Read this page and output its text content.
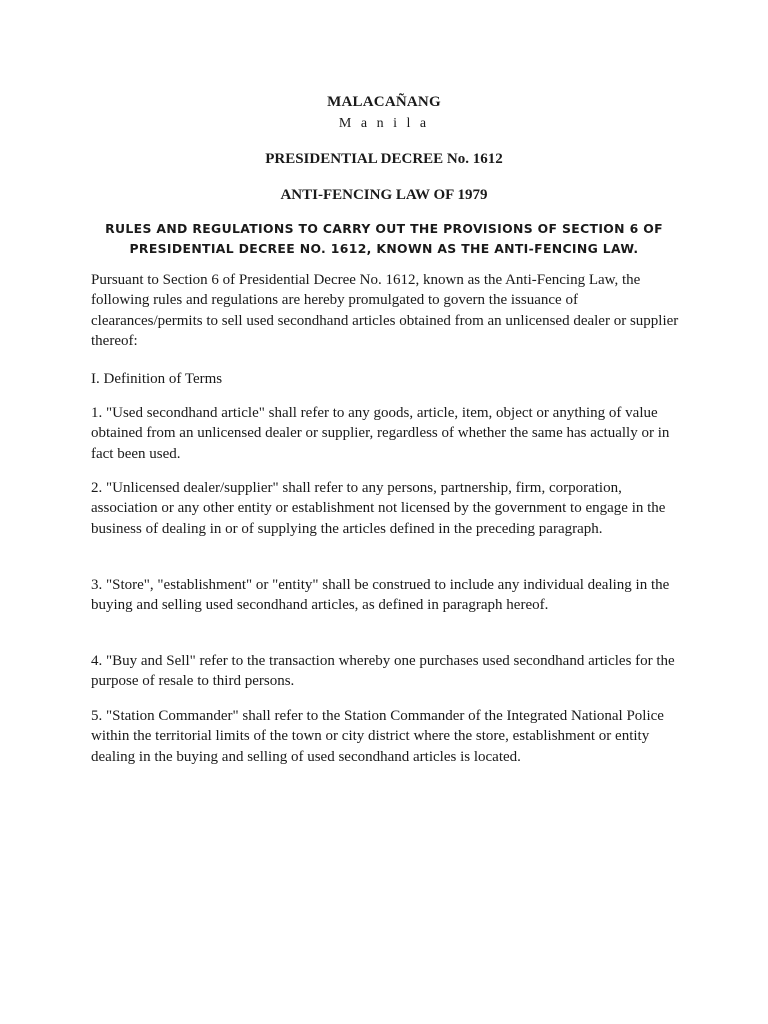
MALACAÑANG
M a n i l a
PRESIDENTIAL DECREE No. 1612
ANTI-FENCING LAW OF 1979
RULES AND REGULATIONS TO CARRY OUT THE PROVISIONS OF SECTION 6 OF PRESIDENTIAL DECREE NO. 1612, KNOWN AS THE ANTI-FENCING LAW.

Pursuant to Section 6 of Presidential Decree No. 1612, known as the Anti-Fencing Law, the following rules and regulations are hereby promulgated to govern the issuance of clearances/permits to sell used secondhand articles obtained from an unlicensed dealer or supplier thereof:

I. Definition of Terms

1. "Used secondhand article" shall refer to any goods, article, item, object or anything of value obtained from an unlicensed dealer or supplier, regardless of whether the same has actually or in fact been used.

2. "Unlicensed dealer/supplier" shall refer to any persons, partnership, firm, corporation, association or any other entity or establishment not licensed by the government to engage in the business of dealing in or of supplying the articles defined in the preceding paragraph.

3. "Store", "establishment" or "entity" shall be construed to include any individual dealing in the buying and selling used secondhand articles, as defined in paragraph hereof.

4. "Buy and Sell" refer to the transaction whereby one purchases used secondhand articles for the purpose of resale to third persons.

5. "Station Commander" shall refer to the Station Commander of the Integrated National Police within the territorial limits of the town or city district where the store, establishment or entity dealing in the buying and selling of used secondhand articles is located.
